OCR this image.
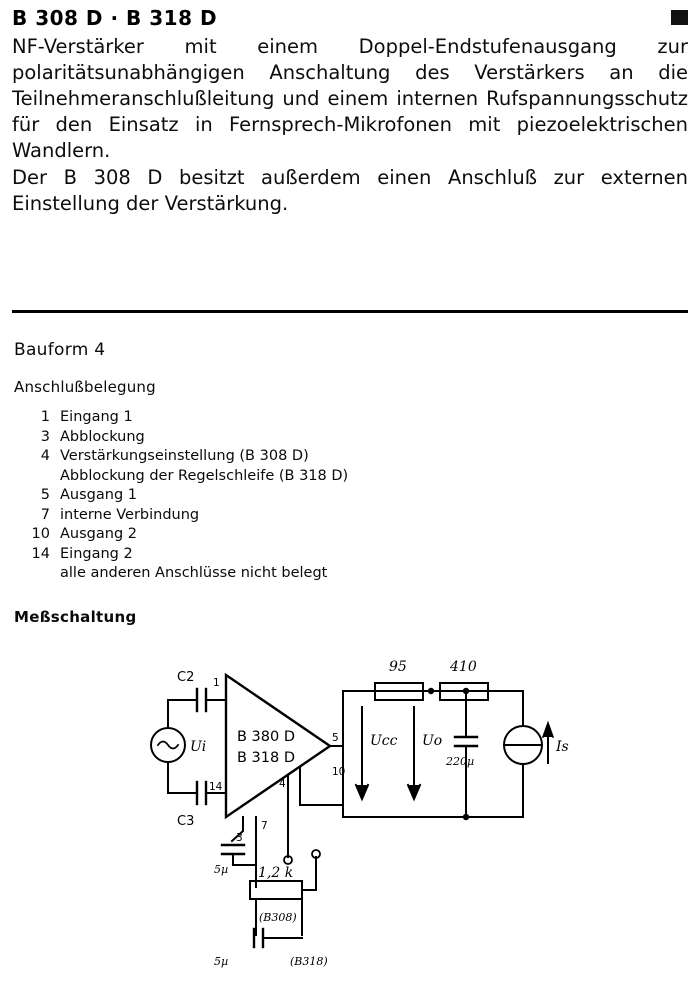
B 308 D · B 318 D

NF-Verstärker mit einem Doppel-Endstufenausgang zur polaritätsunabhängigen Anschaltung des Verstärkers an die Teilnehmeranschlußleitung und einem internen Rufspannungsschutz für den Einsatz in Fernsprech-Mikrofonen mit piezoelektrischen Wandlern.

Der B 308 D besitzt außerdem einen Anschluß zur externen Einstellung der Verstärkung.

Bauform 4
Anschlußbelegung
1 Eingang 1
3 Abblockung
4 Verstärkungseinstellung (B 308 D)
Abblockung der Regelschleife (B 318 D)
5 Ausgang 1
7 interne Verbindung
10 Ausgang 2
14 Eingang 2
alle anderen Anschlüsse nicht belegt
Meßschaltung
C2
C3
1
14
3
7
4
5
10
B 380 D
B 318 D
Ui
95	410
Ucc Uo
220µ
Is
5µ 1,2 k
(B308)
5µ	(B318)
